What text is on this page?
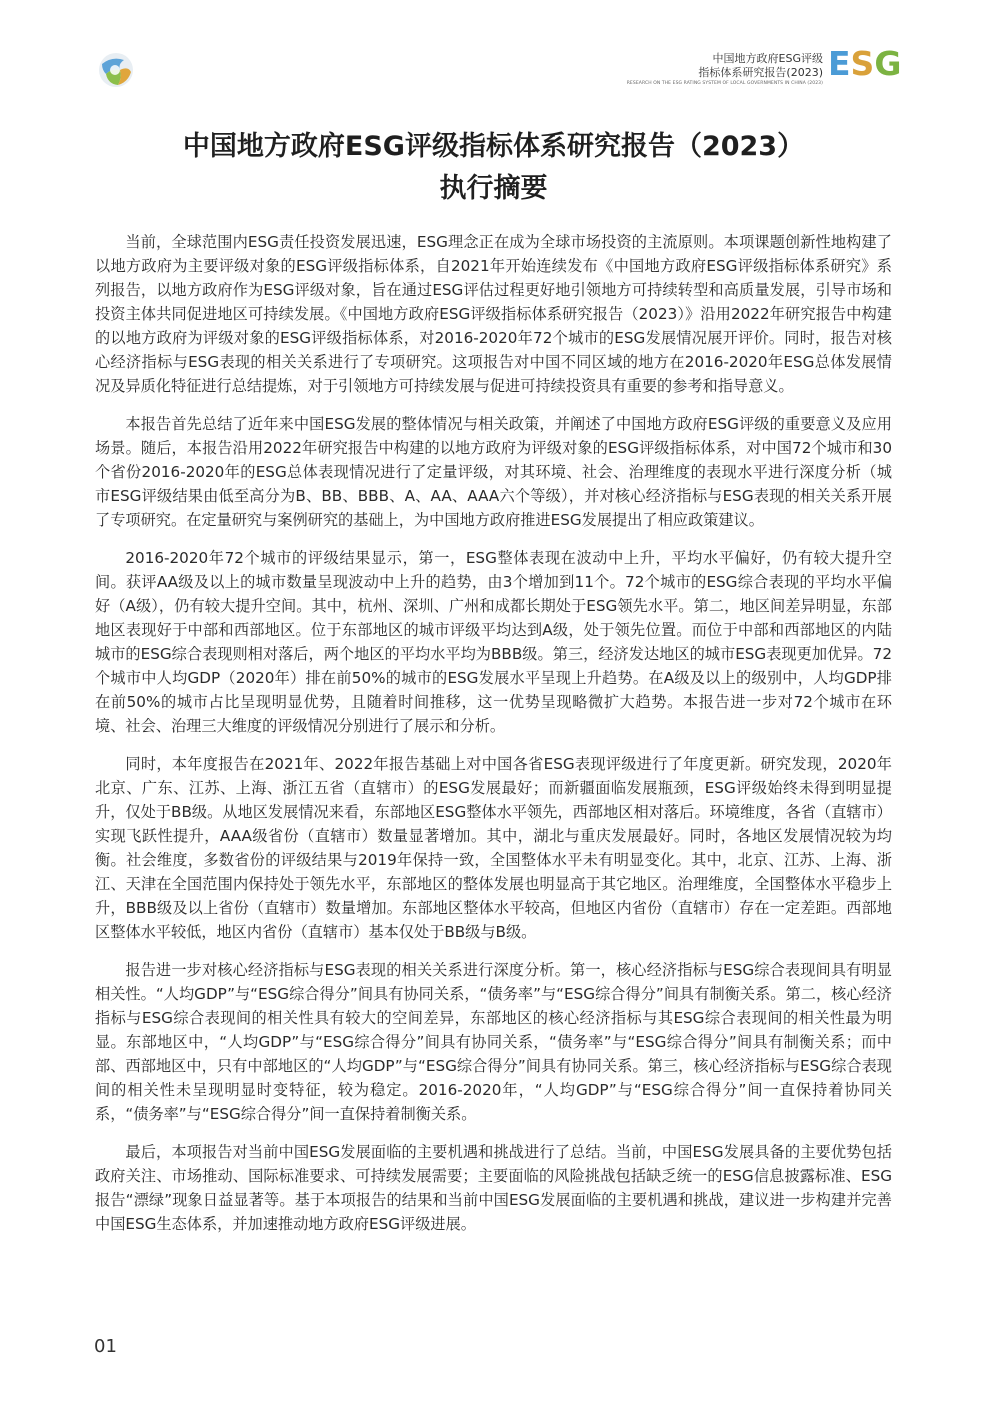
中国地方政府ESG评级
指标体系研究报告(2023)
RESEARCH ON THE ESG RATING SYSTEM OF LOCAL GOVERNMENTS IN CHINA (2023)
ESG
中国地方政府ESG评级指标体系研究报告（2023）
执行摘要

当前，全球范围内ESG责任投资发展迅速，ESG理念正在成为全球市场投资的主流原则。本项课题创新性地构建了以地方政府为主要评级对象的ESG评级指标体系，自2021年开始连续发布《中国地方政府ESG评级指标体系研究》系列报告，以地方政府作为ESG评级对象，旨在通过ESG评估过程更好地引领地方可持续转型和高质量发展，引导市场和投资主体共同促进地区可持续发展。《中国地方政府ESG评级指标体系研究报告（2023）》沿用2022年研究报告中构建的以地方政府为评级对象的ESG评级指标体系，对2016-2020年72个城市的ESG发展情况展开评价。同时，报告对核心经济指标与ESG表现的相关关系进行了专项研究。这项报告对中国不同区域的地方在2016-2020年ESG总体发展情况及异质化特征进行总结提炼，对于引领地方可持续发展与促进可持续投资具有重要的参考和指导意义。

本报告首先总结了近年来中国ESG发展的整体情况与相关政策，并阐述了中国地方政府ESG评级的重要意义及应用场景。随后，本报告沿用2022年研究报告中构建的以地方政府为评级对象的ESG评级指标体系，对中国72个城市和30个省份2016-2020年的ESG总体表现情况进行了定量评级，对其环境、社会、治理维度的表现水平进行深度分析（城市ESG评级结果由低至高分为B、BB、BBB、A、AA、AAA六个等级），并对核心经济指标与ESG表现的相关关系开展了专项研究。在定量研究与案例研究的基础上，为中国地方政府推进ESG发展提出了相应政策建议。

2016-2020年72个城市的评级结果显示，第一，ESG整体表现在波动中上升，平均水平偏好，仍有较大提升空间。获评AA级及以上的城市数量呈现波动中上升的趋势，由3个增加到11个。72个城市的ESG综合表现的平均水平偏好（A级），仍有较大提升空间。其中，杭州、深圳、广州和成都长期处于ESG领先水平。第二，地区间差异明显，东部地区表现好于中部和西部地区。位于东部地区的城市评级平均达到A级，处于领先位置。而位于中部和西部地区的内陆城市的ESG综合表现则相对落后，两个地区的平均水平均为BBB级。第三，经济发达地区的城市ESG表现更加优异。72个城市中人均GDP（2020年）排在前50%的城市的ESG发展水平呈现上升趋势。在A级及以上的级别中，人均GDP排在前50%的城市占比呈现明显优势，且随着时间推移，这一优势呈现略微扩大趋势。本报告进一步对72个城市在环境、社会、治理三大维度的评级情况分别进行了展示和分析。

同时，本年度报告在2021年、2022年报告基础上对中国各省ESG表现评级进行了年度更新。研究发现，2020年北京、广东、江苏、上海、浙江五省（直辖市）的ESG发展最好；而新疆面临发展瓶颈，ESG评级始终未得到明显提升，仅处于BB级。从地区发展情况来看，东部地区ESG整体水平领先，西部地区相对落后。环境维度，各省（直辖市）实现飞跃性提升，AAA级省份（直辖市）数量显著增加。其中，湖北与重庆发展最好。同时，各地区发展情况较为均衡。社会维度，多数省份的评级结果与2019年保持一致，全国整体水平未有明显变化。其中，北京、江苏、上海、浙江、天津在全国范围内保持处于领先水平，东部地区的整体发展也明显高于其它地区。治理维度，全国整体水平稳步上升，BBB级及以上省份（直辖市）数量增加。东部地区整体水平较高，但地区内省份（直辖市）存在一定差距。西部地区整体水平较低，地区内省份（直辖市）基本仅处于BB级与B级。

报告进一步对核心经济指标与ESG表现的相关关系进行深度分析。第一，核心经济指标与ESG综合表现间具有明显相关性。“人均GDP”与“ESG综合得分”间具有协同关系，“债务率”与“ESG综合得分”间具有制衡关系。第二，核心经济指标与ESG综合表现间的相关性具有较大的空间差异，东部地区的核心经济指标与其ESG综合表现间的相关性最为明显。东部地区中，“人均GDP”与“ESG综合得分”间具有协同关系，“债务率”与“ESG综合得分”间具有制衡关系；而中部、西部地区中，只有中部地区的“人均GDP”与“ESG综合得分”间具有协同关系。第三，核心经济指标与ESG综合表现间的相关性未呈现明显时变特征，较为稳定。2016-2020年，“人均GDP”与“ESG综合得分”间一直保持着协同关系，“债务率”与“ESG综合得分”间一直保持着制衡关系。

最后，本项报告对当前中国ESG发展面临的主要机遇和挑战进行了总结。当前，中国ESG发展具备的主要优势包括政府关注、市场推动、国际标准要求、可持续发展需要；主要面临的风险挑战包括缺乏统一的ESG信息披露标准、ESG报告“漂绿”现象日益显著等。基于本项报告的结果和当前中国ESG发展面临的主要机遇和挑战，建议进一步构建并完善中国ESG生态体系，并加速推动地方政府ESG评级进展。

01
